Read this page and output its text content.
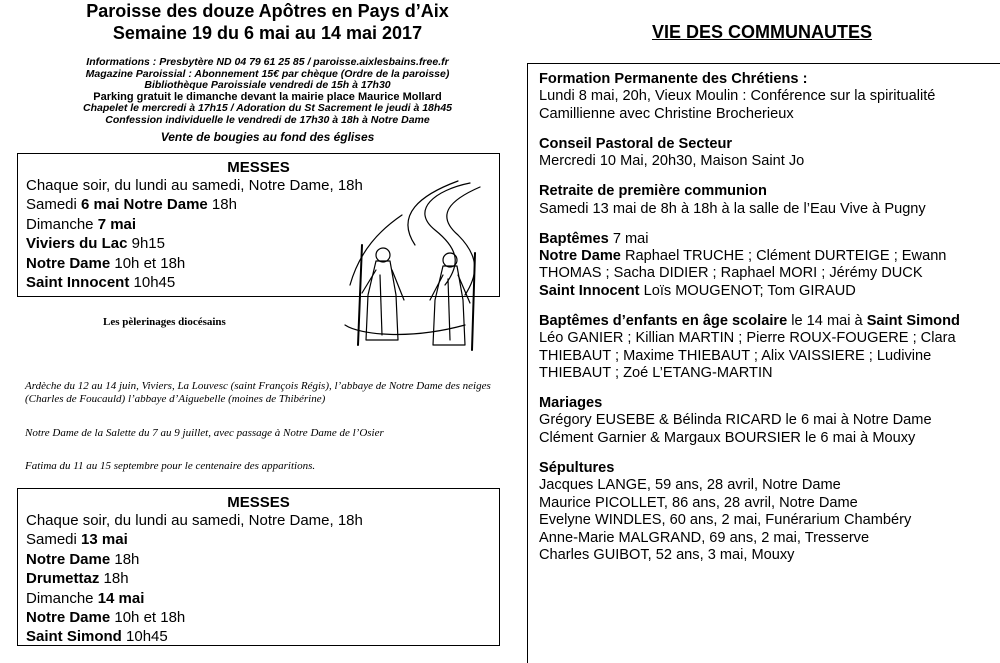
Paroisse des douze Apôtres en Pays d’Aix
Semaine 19 du 6 mai au 14 mai 2017
Informations : Presbytère ND 04 79 61 25 85 / paroisse.aixlesbains.free.fr
Magazine Paroissial : Abonnement 15€ par chèque (Ordre de la paroisse)
Bibliothèque Paroissiale vendredi de 15h à 17h30
Parking gratuit le dimanche devant la mairie place Maurice Mollard
Chapelet le mercredi à 17h15 / Adoration du St Sacrement le jeudi à 18h45
Confession individuelle le vendredi de 17h30 à 18h à Notre Dame
Vente de bougies au fond des églises
MESSES
Chaque soir, du lundi au samedi, Notre Dame, 18h
Samedi 6 mai Notre Dame 18h
Dimanche 7 mai
Viviers du Lac 9h15
Notre Dame 10h et 18h
Saint Innocent 10h45
Les pèlerinages diocésains
Ardèche du 12 au 14 juin, Viviers, La Louvesc (saint François Régis), l’abbaye de Notre Dame des neiges (Charles de Foucauld) l’abbaye d’Aiguebelle (moines de Thibérine)
Notre Dame de la Salette du 7 au 9 juillet, avec passage à Notre Dame de l’Osier
Fatima du 11 au 15 septembre pour le centenaire des apparitions.
MESSES
Chaque soir, du lundi au samedi, Notre Dame, 18h
Samedi 13 mai
Notre Dame 18h
Drumettaz 18h
Dimanche 14 mai
Notre Dame 10h et 18h
Saint Simond 10h45
VIE DES COMMUNAUTES
Formation Permanente des Chrétiens :
Lundi 8 mai, 20h, Vieux Moulin : Conférence sur la spiritualité
Camillienne avec Christine Brocherieux
Conseil Pastoral de Secteur
Mercredi 10 Mai, 20h30, Maison Saint Jo
Retraite de première communion
Samedi 13 mai de 8h à 18h à la salle de l’Eau Vive à Pugny
Baptêmes 7 mai
Notre Dame Raphael TRUCHE ; Clément DURTEIGE ; Ewann
THOMAS ; Sacha DIDIER ; Raphael MORI ; Jérémy DUCK
Saint Innocent Loïs MOUGENOT; Tom GIRAUD
Baptêmes d’enfants en âge scolaire le 14 mai à Saint Simond
Léo GANIER ; Killian MARTIN ; Pierre ROUX-FOUGERE ; Clara
THIEBAUT ; Maxime THIEBAUT ; Alix VAISSIERE ; Ludivine
THIEBAUT ; Zoé L’ETANG-MARTIN
Mariages
Grégory EUSEBE & Bélinda RICARD le 6 mai à Notre Dame
Clément Garnier & Margaux BOURSIER le 6 mai à Mouxy
Sépultures
Jacques LANGE, 59 ans, 28 avril, Notre Dame
Maurice PICOLLET, 86 ans, 28 avril, Notre Dame
Evelyne WINDLES, 60 ans, 2 mai, Funérarium Chambéry
Anne-Marie MALGRAND, 69 ans, 2 mai, Tresserve
Charles GUIBOT, 52 ans, 3 mai, Mouxy
